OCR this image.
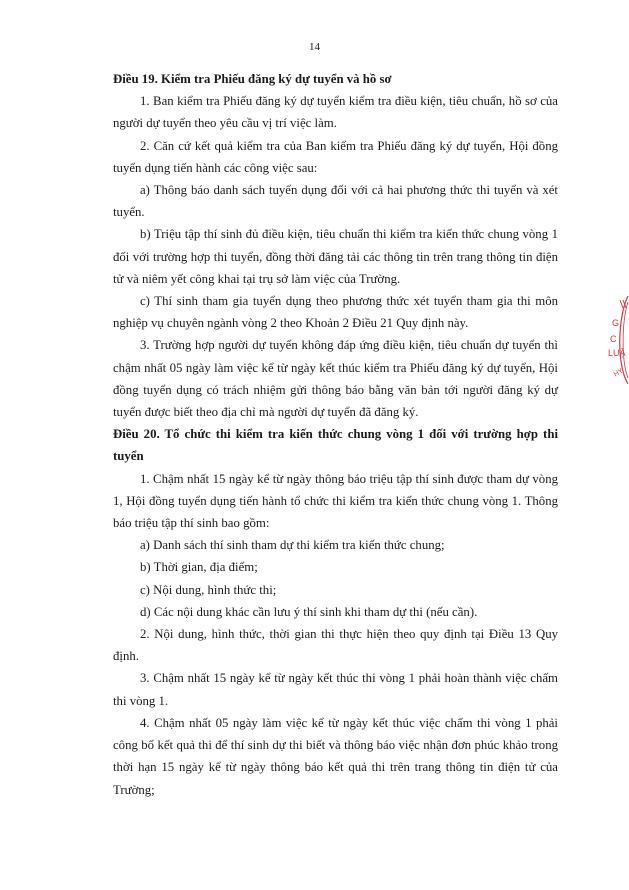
14

Điều 19. Kiểm tra Phiếu đăng ký dự tuyển và hồ sơ

1. Ban kiểm tra Phiếu đăng ký dự tuyển kiểm tra điều kiện, tiêu chuẩn, hồ sơ của người dự tuyển theo yêu cầu vị trí việc làm.

2. Căn cứ kết quả kiểm tra của Ban kiểm tra Phiếu đăng ký dự tuyển, Hội đồng tuyển dụng tiến hành các công việc sau:

a) Thông báo danh sách tuyển dụng đối với cả hai phương thức thi tuyển và xét tuyển.

b) Triệu tập thí sinh đủ điều kiện, tiêu chuẩn thi kiểm tra kiến thức chung vòng 1 đối với trường hợp thi tuyển, đồng thời đăng tải các thông tin trên trang thông tin điện tử và niêm yết công khai tại trụ sở làm việc của Trường.

c) Thí sinh tham gia tuyển dụng theo phương thức xét tuyển tham gia thi môn nghiệp vụ chuyên ngành vòng 2 theo Khoản 2 Điều 21 Quy định này.

3. Trường hợp người dự tuyển không đáp ứng điều kiện, tiêu chuẩn dự tuyển thì chậm nhất 05 ngày làm việc kể từ ngày kết thúc kiểm tra Phiếu đăng ký dự tuyển, Hội đồng tuyển dụng có trách nhiệm gửi thông báo bằng văn bản tới người đăng ký dự tuyển được biết theo địa chỉ mà người dự tuyển đã đăng ký.

Điều 20. Tổ chức thi kiểm tra kiến thức chung vòng 1 đối với trường hợp thi tuyển

1. Chậm nhất 15 ngày kể từ ngày thông báo triệu tập thí sinh được tham dự vòng 1, Hội đồng tuyển dụng tiến hành tổ chức thi kiểm tra kiến thức chung vòng 1. Thông báo triệu tập thí sinh bao gồm:

a) Danh sách thí sinh tham dự thi kiểm tra kiến thức chung;

b) Thời gian, địa điểm;

c) Nội dung, hình thức thi;

d) Các nội dung khác cần lưu ý thí sinh khi tham dự thi (nếu cần).

2. Nội dung, hình thức, thời gian thi thực hiện theo quy định tại Điều 13 Quy định.

3. Chậm nhất 15 ngày kể từ ngày kết thúc thi vòng 1 phải hoàn thành việc chấm thi vòng 1.

4. Chậm nhất 05 ngày làm việc kể từ ngày kết thúc việc chấm thi vòng 1 phải công bố kết quả thi để thí sinh dự thi biết và thông báo việc nhận đơn phúc khảo trong thời hạn 15 ngày kể từ ngày thông báo kết quả thi trên trang thông tin điện tử của Trường;

G
C
LUẬ
HY
